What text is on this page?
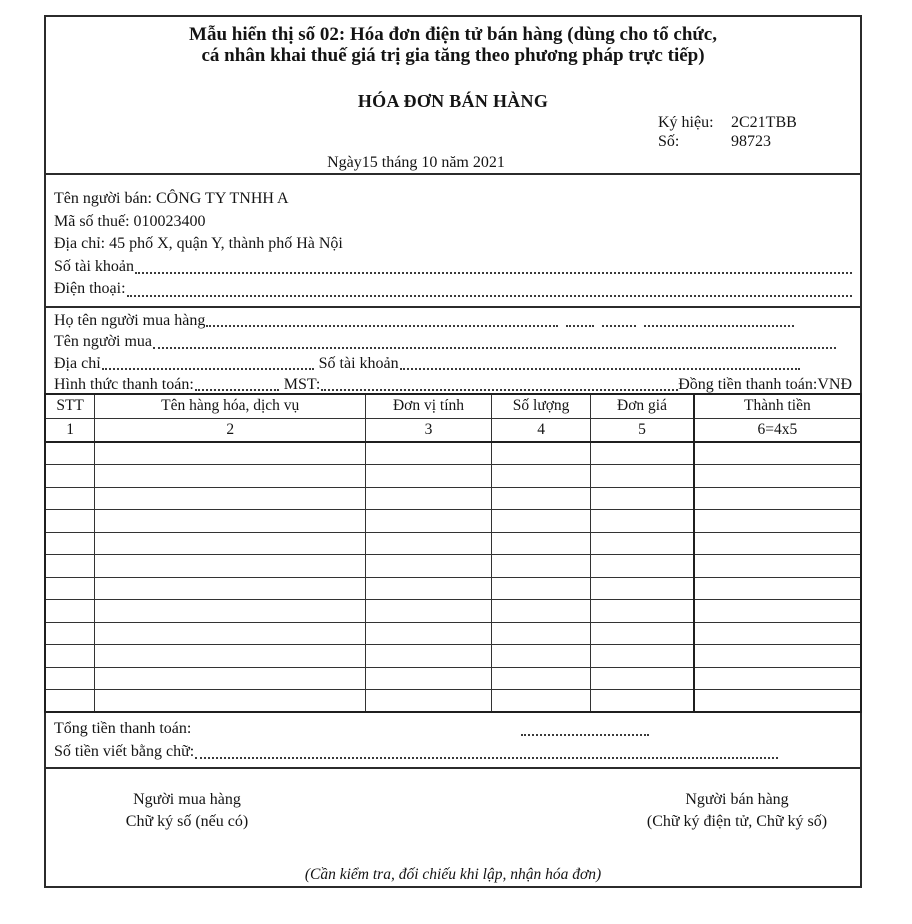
Mẫu hiển thị số 02: Hóa đơn điện tử bán hàng (dùng cho tổ chức,
cá nhân khai thuế giá trị gia tăng theo phương pháp trực tiếp)
HÓA ĐƠN BÁN HÀNG
Ký hiệu:	2C21TBB
Số:	98723
Ngày15 tháng 10 năm 2021
Tên người bán: CÔNG TY TNHH A
Mã số thuế: 010023400
Địa chỉ: 45 phố X, quận Y, thành phố Hà Nội
Số tài khoản
Điện thoại:
Họ tên người mua hàng
Tên người mua
Địa chỉ	Số tài khoản
Hình thức thanh toán:	MST:	Đồng tiền thanh toán: VNĐ
STT	Tên hàng hóa, dịch vụ	Đơn vị tính	Số lượng	Đơn giá	Thành tiền
1	2	3	4	5	6=4x5

Tổng tiền thanh toán:
Số tiền viết bằng chữ:
Người mua hàng
Chữ ký số (nếu có)
Người bán hàng
(Chữ ký điện tử, Chữ ký số)
(Cần kiểm tra, đối chiếu khi lập, nhận hóa đơn)
